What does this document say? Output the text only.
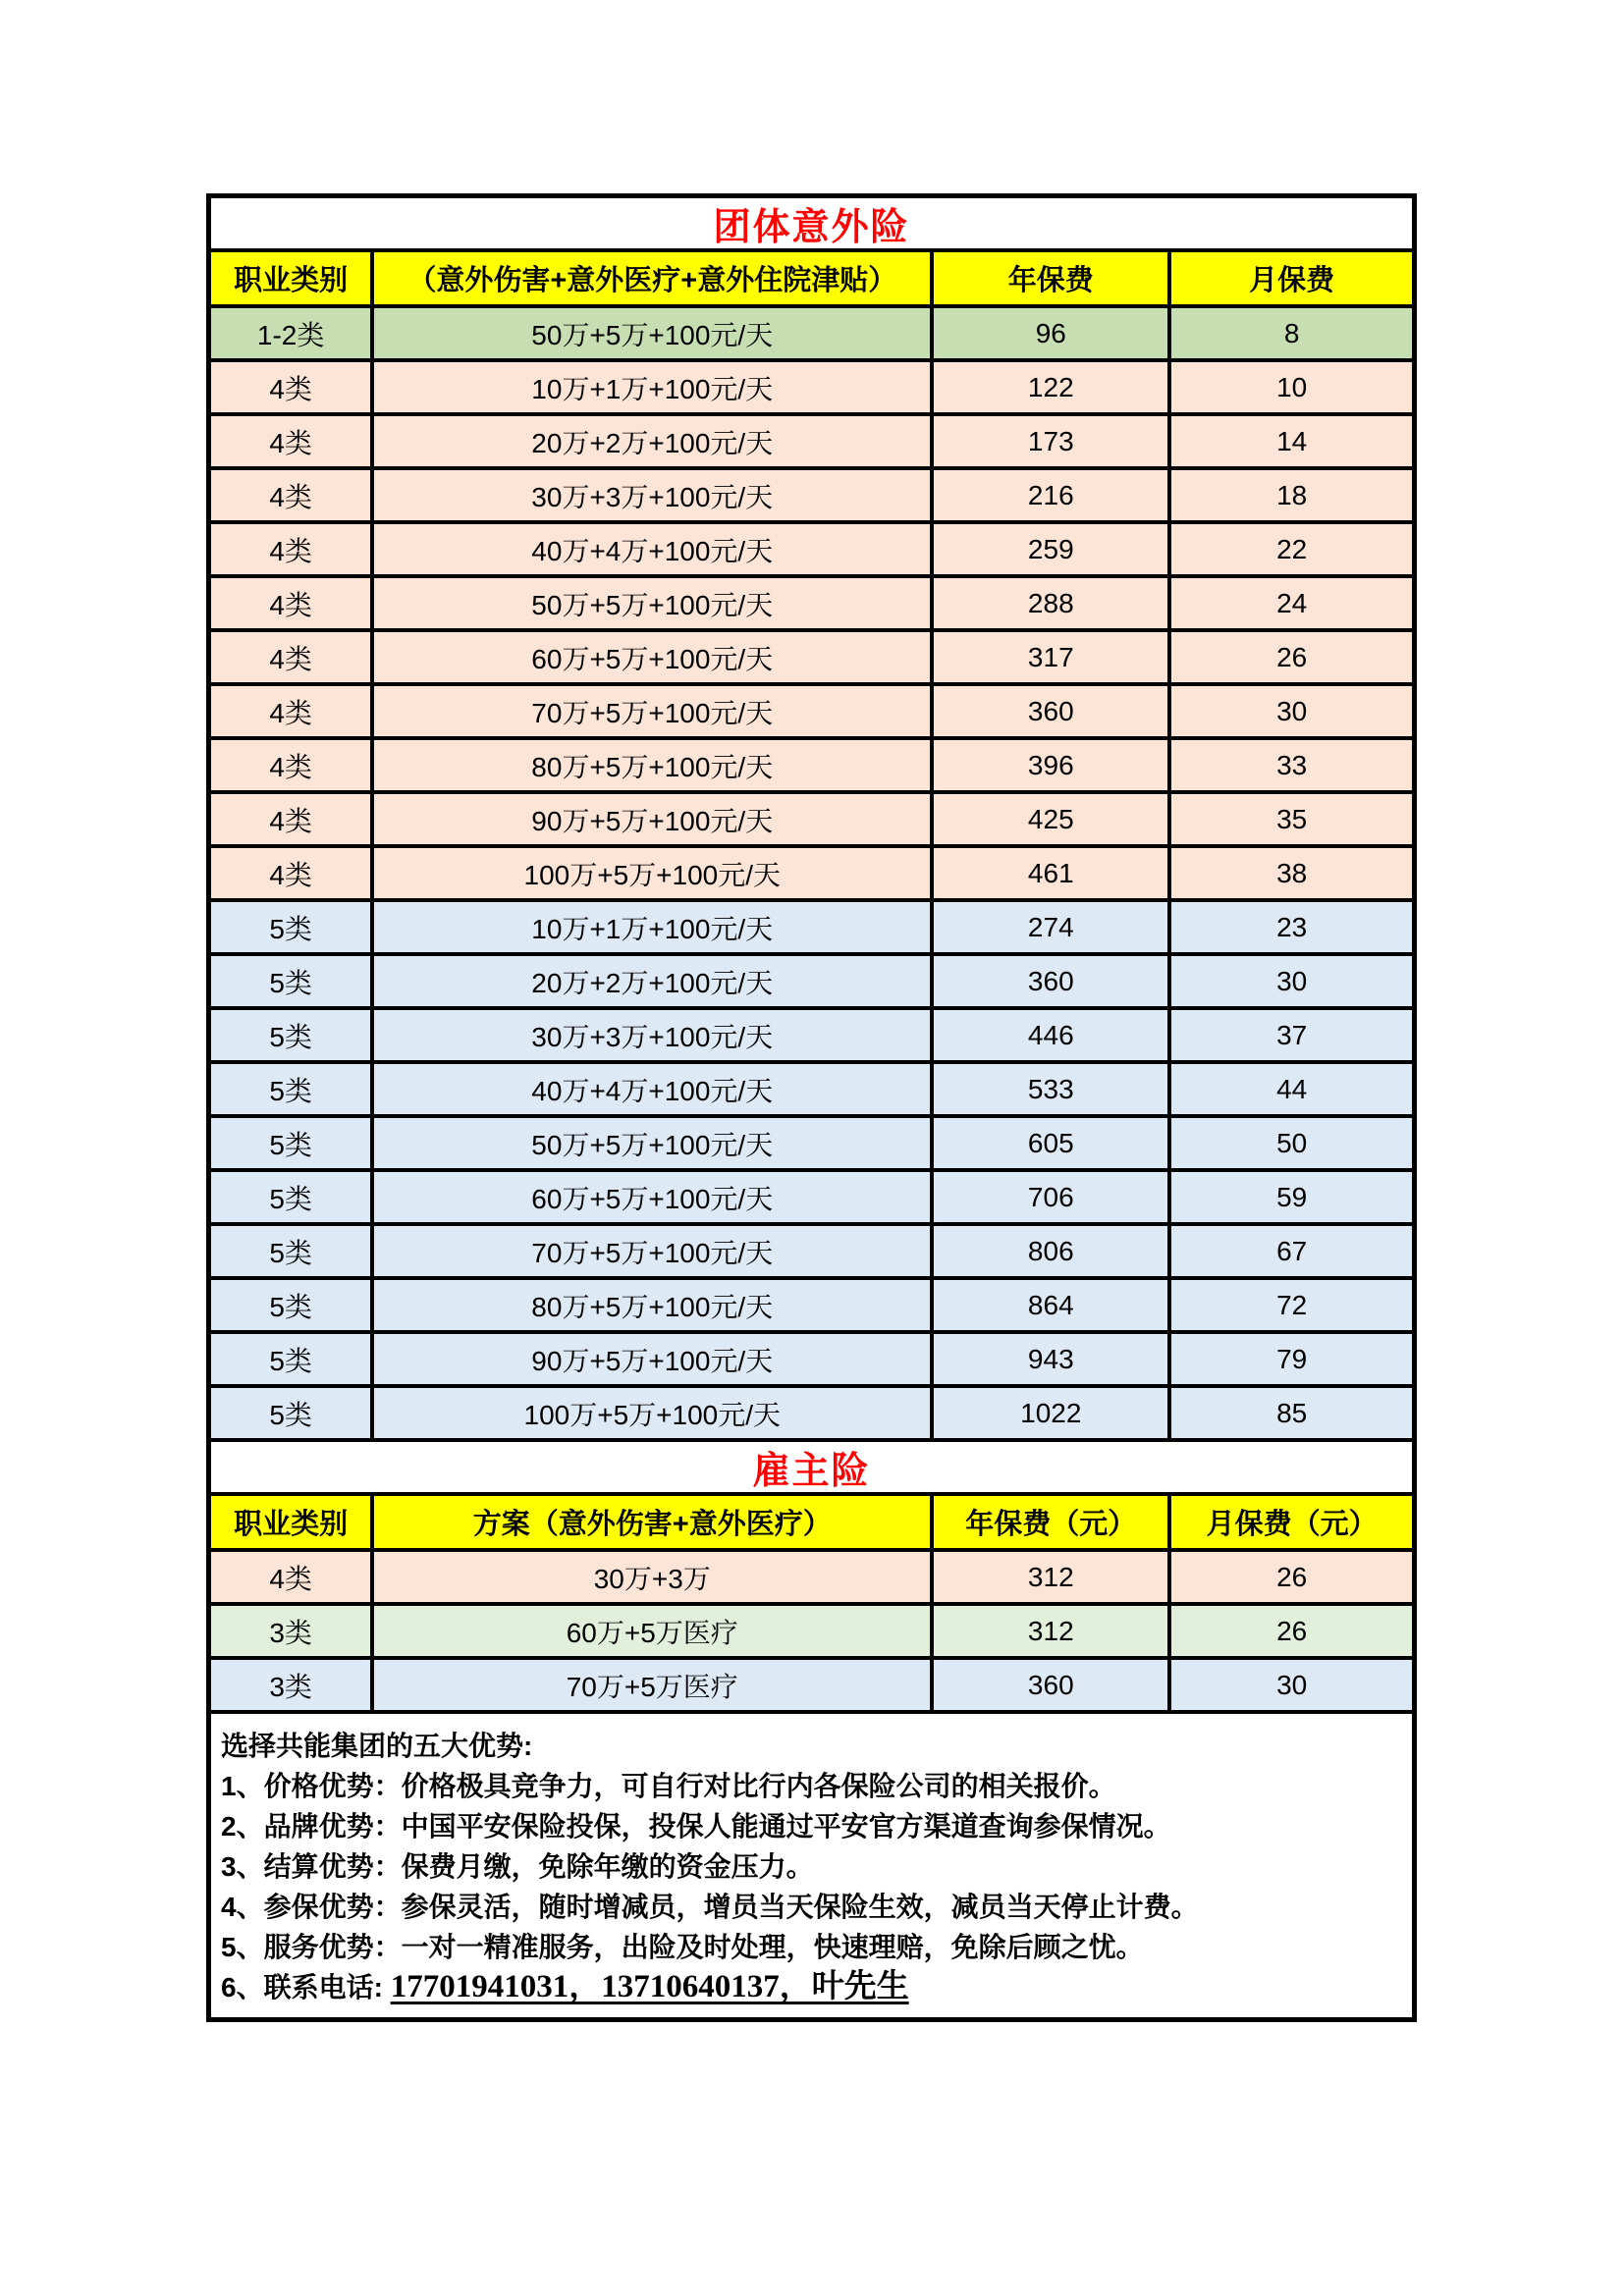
团体意外险
职业类别	（意外伤害+意外医疗+意外住院津贴）	年保费	月保费
1-2类	50万+5万+100元/天	96	8
4类	10万+1万+100元/天	122	10
4类	20万+2万+100元/天	173	14
4类	30万+3万+100元/天	216	18
4类	40万+4万+100元/天	259	22
4类	50万+5万+100元/天	288	24
4类	60万+5万+100元/天	317	26
4类	70万+5万+100元/天	360	30
4类	80万+5万+100元/天	396	33
4类	90万+5万+100元/天	425	35
4类	100万+5万+100元/天	461	38
5类	10万+1万+100元/天	274	23
5类	20万+2万+100元/天	360	30
5类	30万+3万+100元/天	446	37
5类	40万+4万+100元/天	533	44
5类	50万+5万+100元/天	605	50
5类	60万+5万+100元/天	706	59
5类	70万+5万+100元/天	806	67
5类	80万+5万+100元/天	864	72
5类	90万+5万+100元/天	943	79
5类	100万+5万+100元/天	1022	85
雇主险
职业类别	方案（意外伤害+意外医疗）	年保费（元）	月保费（元）
4类	30万+3万	312	26
3类	60万+5万医疗	312	26
3类	70万+5万医疗	360	30
选择共能集团的五大优势:
1、价格优势：价格极具竞争力，可自行对比行内各保险公司的相关报价。
2、品牌优势：中国平安保险投保，投保人能通过平安官方渠道查询参保情况。
3、结算优势：保费月缴，免除年缴的资金压力。
4、参保优势：参保灵活，随时增减员，增员当天保险生效，减员当天停止计费。
5、服务优势：一对一精准服务，出险及时处理，快速理赔，免除后顾之忧。
6、联系电话: 17701941031，13710640137，叶先生
